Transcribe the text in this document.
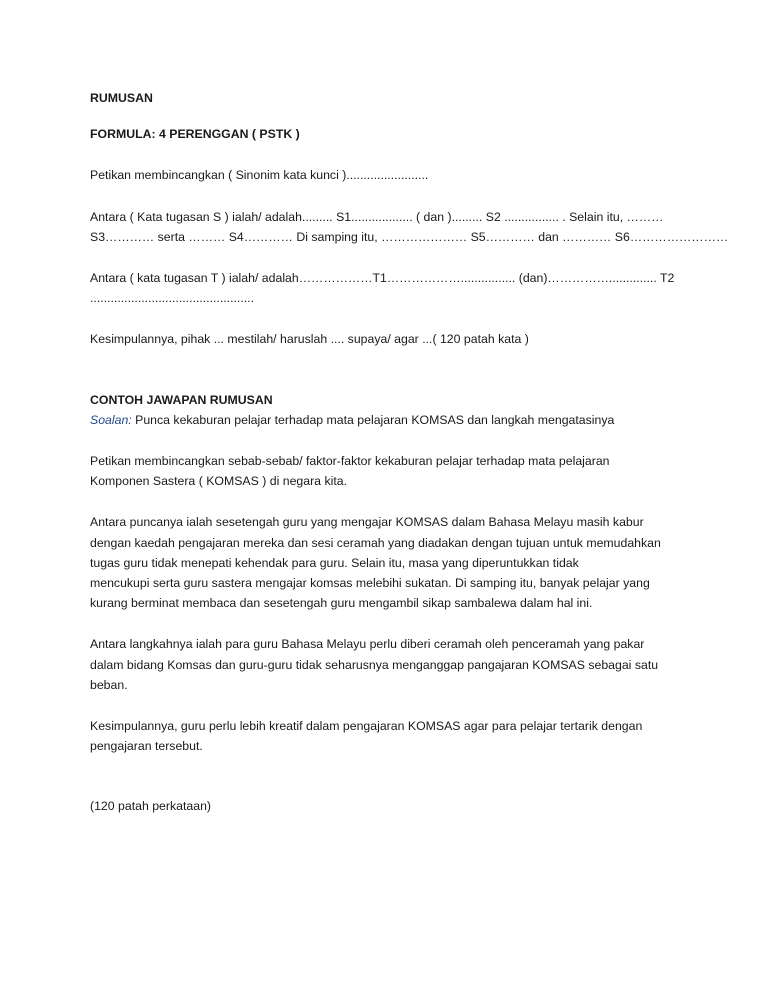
RUMUSAN

FORMULA: 4 PERENGGAN ( PSTK )

Petikan membincangkan ( Sinonim kata kunci )........................

Antara ( Kata tugasan S ) ialah/ adalah......... S1.................. ( dan )......... S2 ................ . Selain itu, ………

S3………… serta ……… S4………… Di samping itu, ………………… S5………… dan ………… S6……………………

Antara ( kata tugasan T ) ialah/ adalah………………T1………………................ (dan)…………….............. T2

................................................

Kesimpulannya, pihak ... mestilah/ haruslah .... supaya/ agar ...( 120 patah kata )

CONTOH JAWAPAN RUMUSAN

Soalan: Punca kekaburan pelajar terhadap mata pelajaran KOMSAS dan langkah mengatasinya

Petikan membincangkan sebab-sebab/ faktor-faktor kekaburan pelajar terhadap mata pelajaran

Komponen Sastera ( KOMSAS ) di negara kita.

Antara puncanya ialah sesetengah guru yang mengajar KOMSAS dalam Bahasa Melayu masih kabur

dengan kaedah pengajaran mereka dan sesi ceramah yang diadakan dengan tujuan untuk memudahkan

tugas guru tidak menepati kehendak para guru. Selain itu, masa yang diperuntukkan tidak

mencukupi serta guru sastera mengajar komsas melebihi sukatan. Di samping itu, banyak pelajar yang

kurang berminat membaca dan sesetengah guru mengambil sikap sambalewa dalam hal ini.

Antara langkahnya ialah para guru Bahasa Melayu perlu diberi ceramah oleh penceramah yang pakar

dalam bidang Komsas dan guru-guru tidak seharusnya menganggap pangajaran KOMSAS sebagai satu

beban.

Kesimpulannya, guru perlu lebih kreatif dalam pengajaran KOMSAS agar para pelajar tertarik dengan

pengajaran tersebut.

(120 patah perkataan)
